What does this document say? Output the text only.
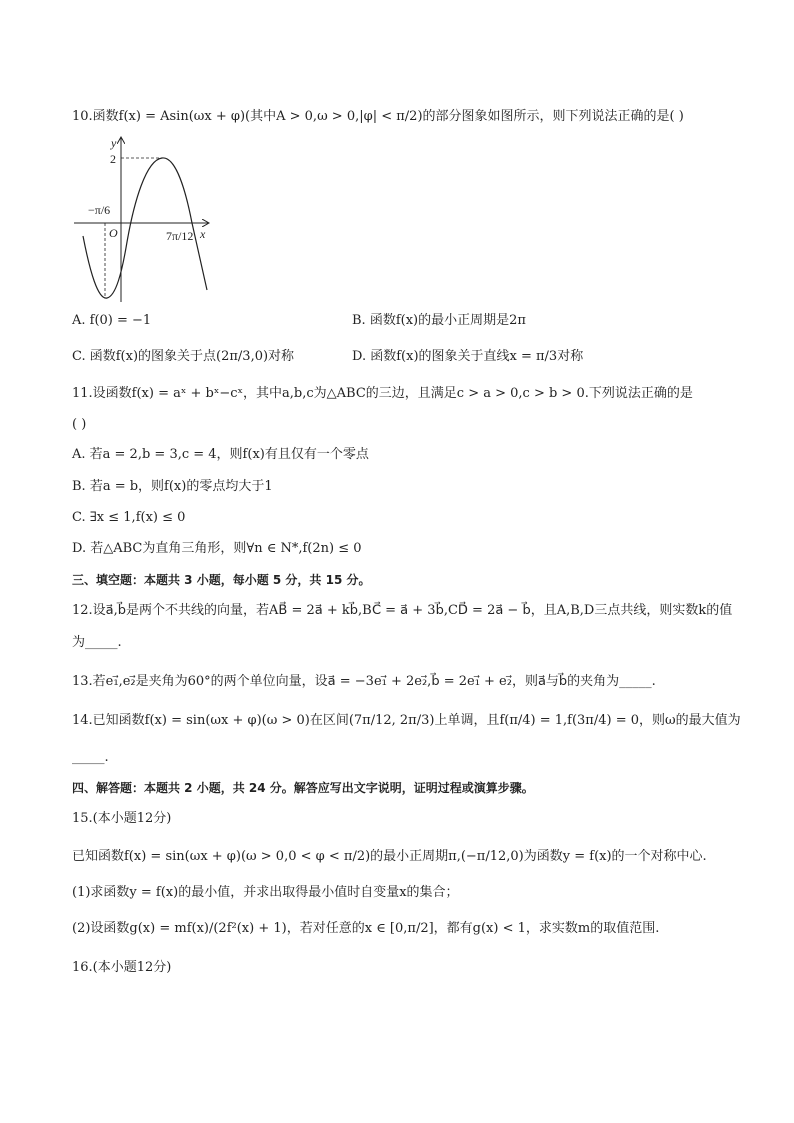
10.函数f(x) = Asin(ωx + φ)(其中A > 0,ω > 0,|φ| < π/2)的部分图象如图所示，则下列说法正确的是( )
y
x
O
2
−π/6
7π/12
A. f(0) = −1	B. 函数f(x)的最小正周期是2π
C. 函数f(x)的图象关于点(2π/3,0)对称	D. 函数f(x)的图象关于直线x = π/3对称
11.设函数f(x) = aˣ + bˣ−cˣ，其中a,b,c为△ABC的三边，且满足c > a > 0,c > b > 0.下列说法正确的是
( )
A. 若a = 2,b = 3,c = 4，则f(x)有且仅有一个零点
B. 若a = b，则f(x)的零点均大于1
C. ∃x ≤ 1,f(x) ≤ 0
D. 若△ABC为直角三角形，则∀n ∈ N*,f(2n) ≤ 0
三、填空题：本题共 3 小题，每小题 5 分，共 15 分。
12.设a⃗,b⃗是两个不共线的向量，若AB⃗ = 2a⃗ + kb⃗,BC⃗ = a⃗ + 3b⃗,CD⃗ = 2a⃗ − b⃗，且A,B,D三点共线，则实数k的值
为_____.
13.若e₁⃗,e₂⃗是夹角为60°的两个单位向量，设a⃗ = −3e₁⃗ + 2e₂⃗,b⃗ = 2e₁⃗ + e₂⃗，则a⃗与b⃗的夹角为_____.
14.已知函数f(x) = sin(ωx + φ)(ω > 0)在区间(7π/12, 2π/3)上单调，且f(π/4) = 1,f(3π/4) = 0，则ω的最大值为
_____.
四、解答题：本题共 2 小题，共 24 分。解答应写出文字说明，证明过程或演算步骤。
15.(本小题12分)
已知函数f(x) = sin(ωx + φ)(ω > 0,0 < φ < π/2)的最小正周期π,(−π/12,0)为函数y = f(x)的一个对称中心.
(1)求函数y = f(x)的最小值，并求出取得最小值时自变量x的集合；
(2)设函数g(x) = mf(x)/(2f²(x) + 1)，若对任意的x ∈ [0,π/2]，都有g(x) < 1，求实数m的取值范围.
16.(本小题12分)
